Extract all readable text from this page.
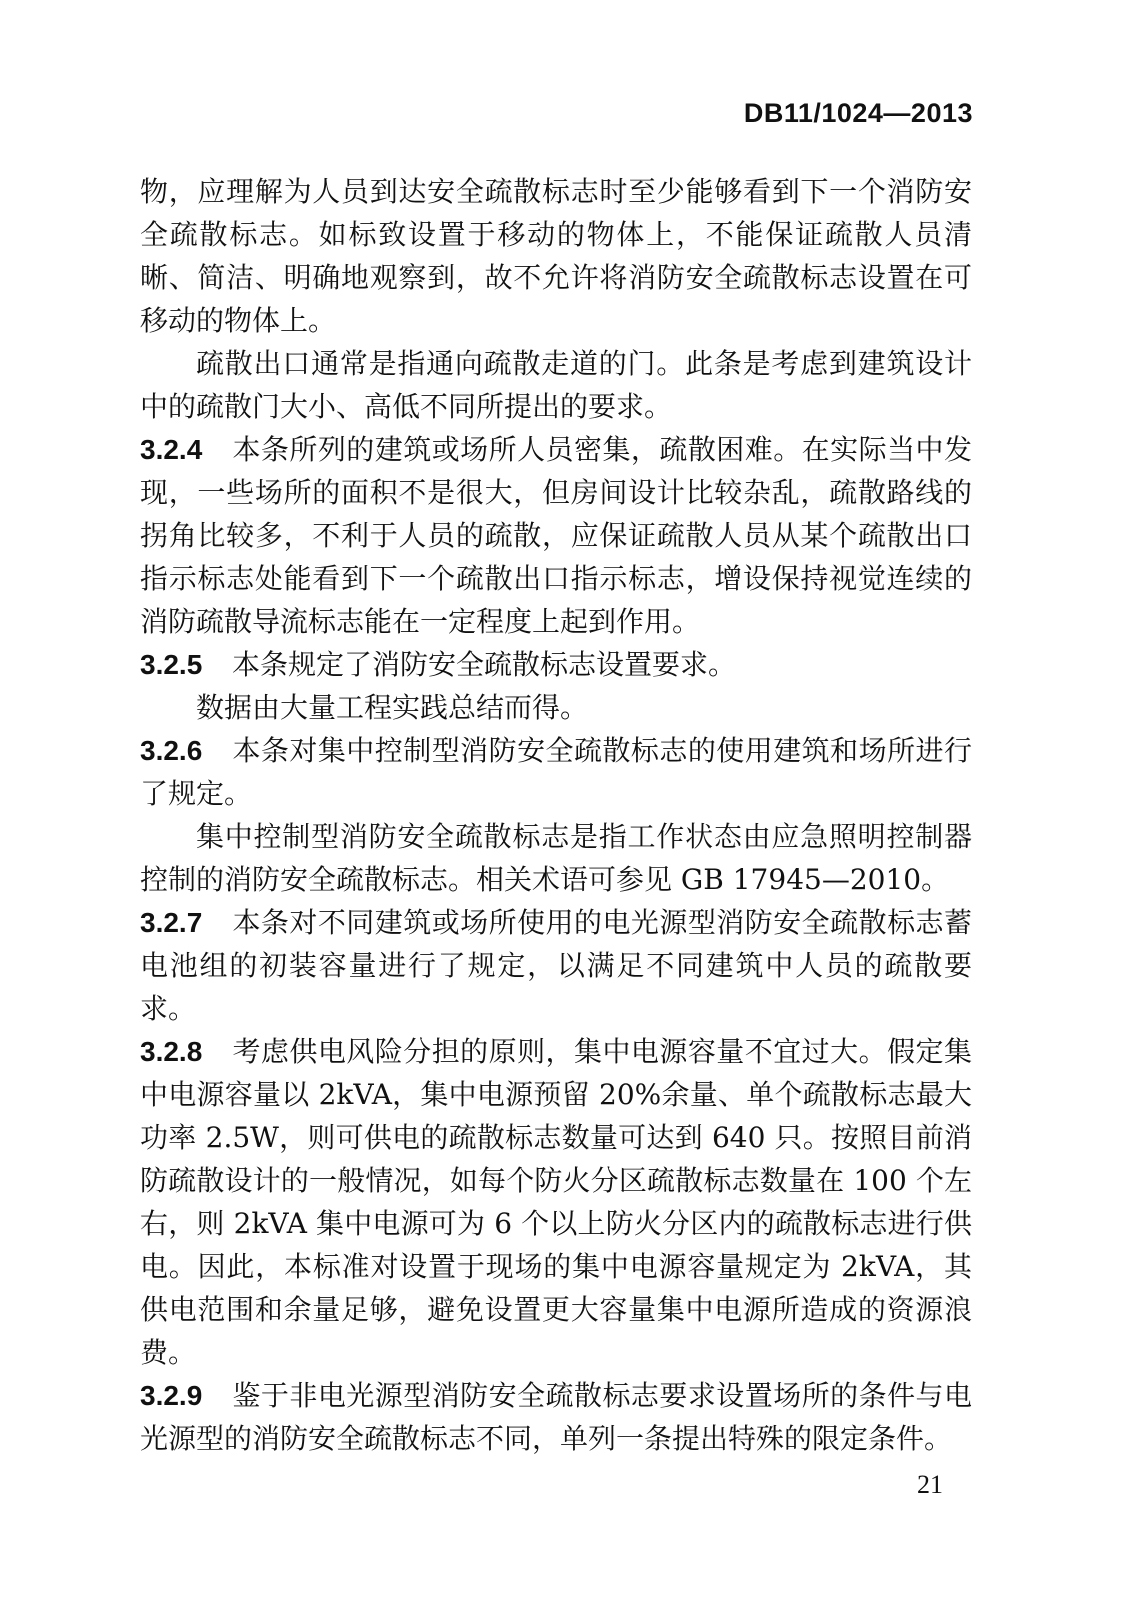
DB11/1024—2013

物，应理解为人员到达安全疏散标志时至少能够看到下一个消防安全疏散标志。如标致设置于移动的物体上，不能保证疏散人员清晰、简洁、明确地观察到，故不允许将消防安全疏散标志设置在可移动的物体上。

疏散出口通常是指通向疏散走道的门。此条是考虑到建筑设计中的疏散门大小、高低不同所提出的要求。

3.2.4 本条所列的建筑或场所人员密集，疏散困难。在实际当中发现，一些场所的面积不是很大，但房间设计比较杂乱，疏散路线的拐角比较多，不利于人员的疏散，应保证疏散人员从某个疏散出口指示标志处能看到下一个疏散出口指示标志，增设保持视觉连续的消防疏散导流标志能在一定程度上起到作用。

3.2.5 本条规定了消防安全疏散标志设置要求。

数据由大量工程实践总结而得。

3.2.6 本条对集中控制型消防安全疏散标志的使用建筑和场所进行了规定。

集中控制型消防安全疏散标志是指工作状态由应急照明控制器控制的消防安全疏散标志。相关术语可参见 GB 17945—2010。

3.2.7 本条对不同建筑或场所使用的电光源型消防安全疏散标志蓄电池组的初装容量进行了规定，以满足不同建筑中人员的疏散要求。

3.2.8 考虑供电风险分担的原则，集中电源容量不宜过大。假定集中电源容量以 2kVA，集中电源预留 20%余量、单个疏散标志最大功率 2.5W，则可供电的疏散标志数量可达到 640 只。按照目前消防疏散设计的一般情况，如每个防火分区疏散标志数量在 100 个左右，则 2kVA 集中电源可为 6 个以上防火分区内的疏散标志进行供电。因此，本标准对设置于现场的集中电源容量规定为 2kVA，其供电范围和余量足够，避免设置更大容量集中电源所造成的资源浪费。

3.2.9 鉴于非电光源型消防安全疏散标志要求设置场所的条件与电光源型的消防安全疏散标志不同，单列一条提出特殊的限定条件。

21
